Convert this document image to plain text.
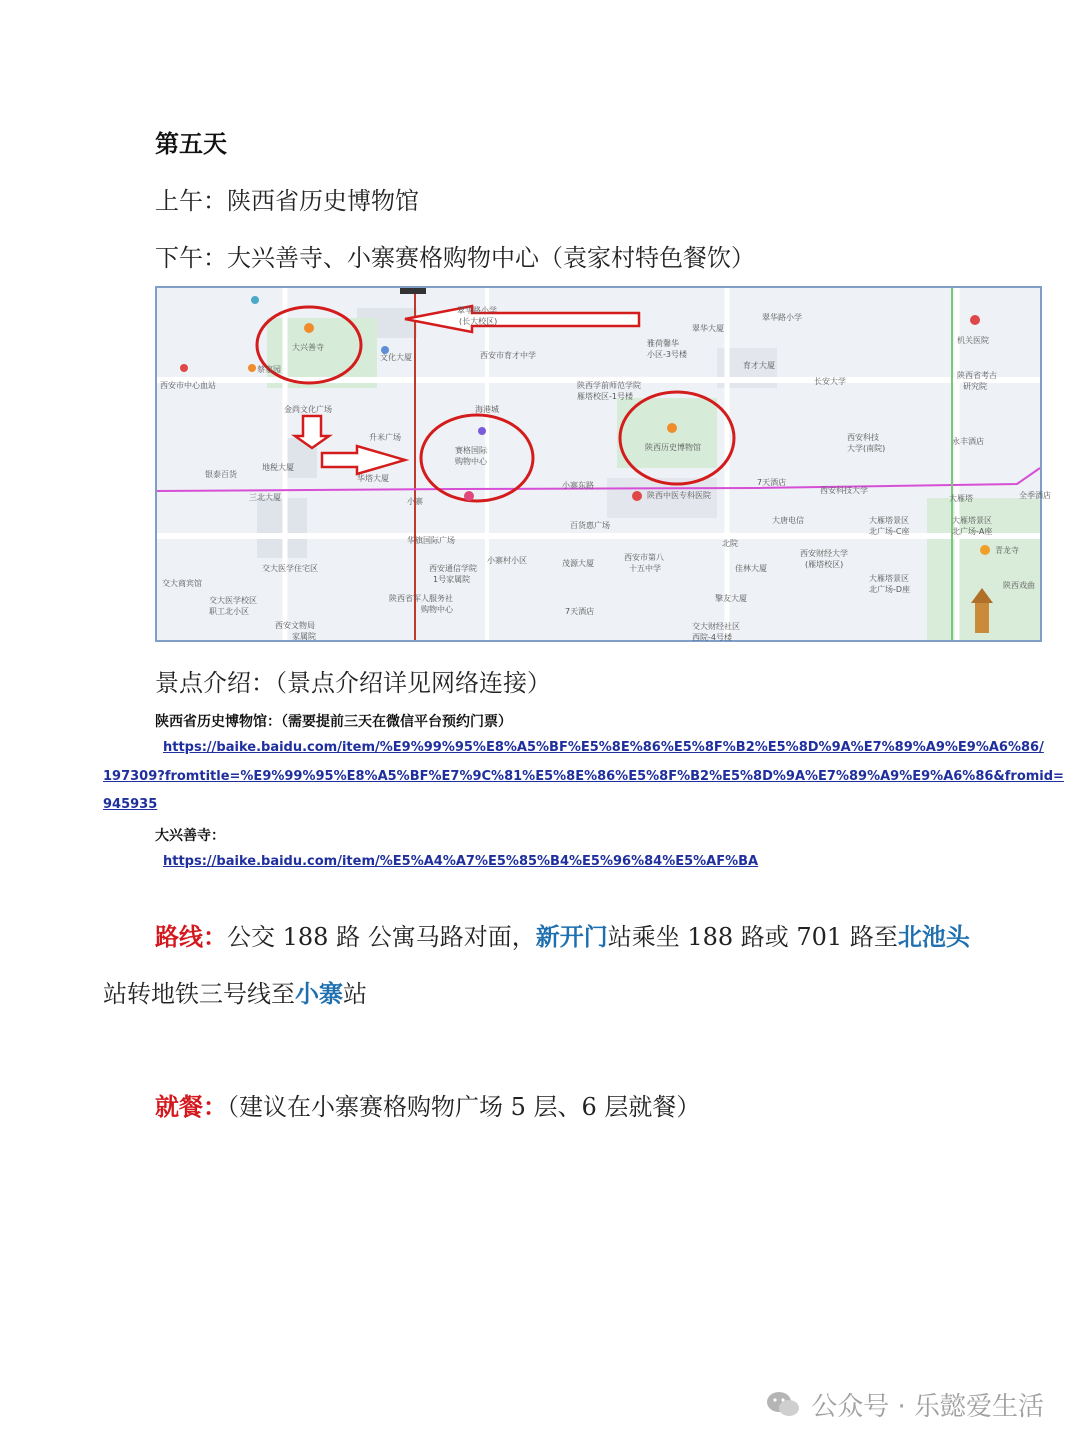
第五天
上午：陕西省历史博物馆
下午：大兴善寺、小寨赛格购物中心（袁家村特色餐饮）
大兴善寺
赛格国际
购物中心
陕西历史博物馆
小寨
小寨东路
文化大厦
翠华路小学
(长大校区)
西安市育才中学
雅荷馨华
小区-3号楼
翠华路小学
翠华大厦
育才大厦
长安大学
陕西省考古
研究院
机关医院
西安市中心血站
蔡家园
雁塔校区-1号楼
陕西学前师范学院
海港城
升米广场
华塔大厦
地税大厦
银泰百货
三北大厦
西安科技
大学(南院)
永丰酒店
7天酒店
西安科技大学
大雁塔
华旗国际广场
小寨村小区	茂源大厦
百货惠广场
大唐电信
北院
西安财经大学
(雁塔校区)
交大医学住宅区
交大商宾馆
西安市第八
十五中学	佳林大厦
7天酒店
西安通信学院
1号家属院
陕西省军人服务社
购物中心
西安文物局
家属院
交大医学校区
职工北小区
擎友大厦
交大财经社区
西院-4号楼
大雁塔景区
北广场-C座
大雁塔景区
北广场-A座
大雁塔景区
北广场-D座
青龙寺
全季酒店
陕西戏曲
金尚文化广场
陕西中医专科医院
景点介绍：（景点介绍详见网络连接）
陕西省历史博物馆：（需要提前三天在微信平台预约门票）
https://baike.baidu.com/item/%E9%99%95%E8%A5%BF%E5%8E%86%E5%8F%B2%E5%8D%9A%E7%89%A9%E9%A6%86/
197309?fromtitle=%E9%99%95%E8%A5%BF%E7%9C%81%E5%8E%86%E5%8F%B2%E5%8D%9A%E7%89%A9%E9%A6%86&fromid=
945935
大兴善寺：
https://baike.baidu.com/item/%E5%A4%A7%E5%85%B4%E5%96%84%E5%AF%BA
路线：公交 188 路 公寓马路对面，新开门站乘坐 188 路或 701 路至北池头
站转地铁三号线至小寨站
就餐：（建议在小寨赛格购物广场 5 层、6 层就餐）
公众号 · 乐懿爱生活
